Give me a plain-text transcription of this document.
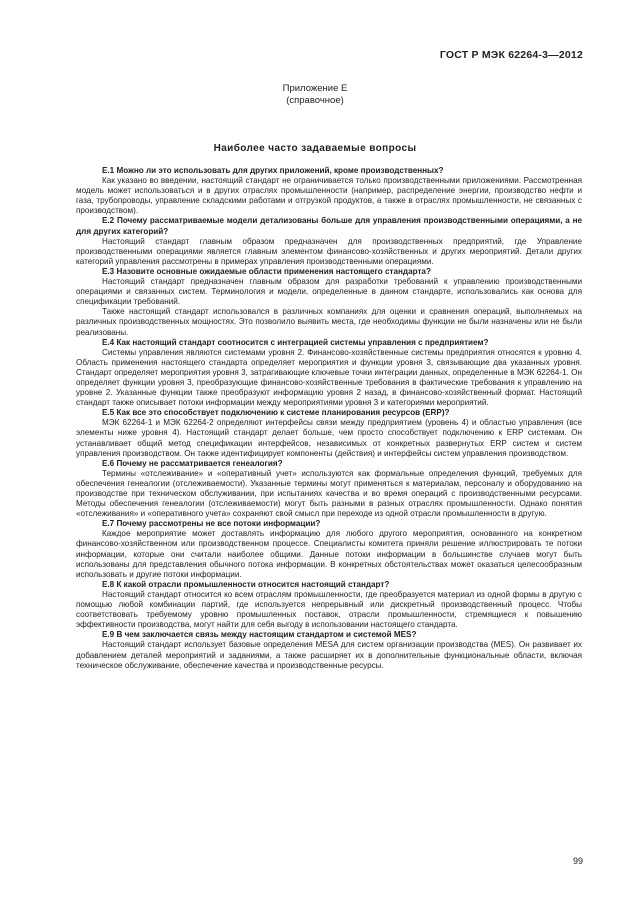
ГОСТ Р МЭК 62264-3—2012
Приложение Е
(справочное)
Наиболее часто задаваемые вопросы

Е.1 Можно ли это использовать для других приложений, кроме производственных?

Как указано во введении, настоящий стандарт не ограничивается только производственными приложениями. Рассмотренная модель может использоваться и в других отраслях промышленности (например, распределение энергии, производство нефти и газа, трубопроводы, управление складскими работами и отгрузкой продуктов, а также в отраслях промышленности, не связанных с производством).

Е.2 Почему рассматриваемые модели детализованы больше для управления производственными операциями, а не для других категорий?

Настоящий стандарт главным образом предназначен для производственных предприятий, где Управление производственными операциями является главным элементом финансово-хозяйственных и других мероприятий. Детали других категорий управления рассмотрены в примерах управления производственными операциями.

Е.3 Назовите основные ожидаемые области применения настоящего стандарта?

Настоящий стандарт предназначен главным образом для разработки требований к управлению производственными операциями и связанных систем. Терминология и модели, определенные в данном стандарте, использовались как основа для спецификации требований.

Также настоящий стандарт использовался в различных компаниях для оценки и сравнения операций, выполняемых на различных производственных мощностях. Это позволило выявить места, где необходимы функции не были назначены или не были реализованы.

Е.4 Как настоящий стандарт соотносится с интеграцией системы управления с предприятием?

Системы управления являются системами уровня 2. Финансово-хозяйственные системы предприятия относятся к уровню 4. Область применения настоящего стандарта определяет мероприятия и функции уровня 3, связывающие два указанных уровня. Стандарт определяет мероприятия уровня 3, затрагивающие ключевые точки интеграции данных, определенные в МЭК 62264-1. Он определяет функции уровня 3, преобразующие финансово-хозяйственные требования в фактические требования к управлению на уровне 2. Указанные функции также преобразуют информацию уровня 2 назад, в финансово-хозяйственный формат. Настоящий стандарт также описывает потоки информации между мероприятиями уровня 3 и категориями мероприятий.

Е.5 Как все это способствует подключению к системе планирования ресурсов (ERP)?

МЭК 62264-1 и МЭК 62264-2 определяют интерфейсы связи между предприятием (уровень 4) и областью управления (все элементы ниже уровня 4). Настоящий стандарт делает больше, чем просто способствует подключению к ERP системам. Он устанавливает общий метод спецификации интерфейсов, независимых от конкретных развернутых ERP систем и систем управления производством. Он также идентифицирует компоненты (действия) и интерфейсы систем управления производством.

Е.6 Почему не рассматривается генеалогия?

Термины «отслеживание» и «оперативный учет» используются как формальные определения функций, требуемых для обеспечения генеалогии (отслеживаемости). Указанные термины могут применяться к материалам, персоналу и оборудованию на производстве при техническом обслуживании, при испытаниях качества и во время операций с производственными ресурсами. Методы обеспечения генеалогии (отслеживаемости) могут быть разными в разных отраслях промышленности. Однако понятия «отслеживания» и «оперативного учета» сохраняют свой смысл при переходе из одной отрасли промышленности в другую.

Е.7 Почему рассмотрены не все потоки информации?

Каждое мероприятие может доставлять информацию для любого другого мероприятия, основанного на конкретном финансово-хозяйственном или производственном процессе. Специалисты комитета приняли решение иллюстрировать те потоки информации, которые они считали наиболее общими. Данные потоки информации в большинстве случаев могут быть использованы для представления обычного потока информации. В конкретных обстоятельствах может оказаться целесообразным использовать и другие потоки информации.

Е.8 К какой отрасли промышленности относится настоящий стандарт?

Настоящий стандарт относится ко всем отраслям промышленности, где преобразуется материал из одной формы в другую с помощью любой комбинации партий, где используется непрерывный или дискретный производственный процесс. Чтобы соответствовать требуемому уровню промышленных поставок, отрасли промышленности, стремящиеся к повышению эффективности производства, могут найти для себя выгоду в использовании настоящего стандарта.

Е.9 В чем заключается связь между настоящим стандартом и системой MES?

Настоящий стандарт использует базовые определения MESA для систем организации производства (MES). Он развивает их добавлением деталей мероприятий и заданиями, а также расширяет их в дополнительные функциональные области, включая техническое обслуживание, обеспечение качества и производственные ресурсы.

99
